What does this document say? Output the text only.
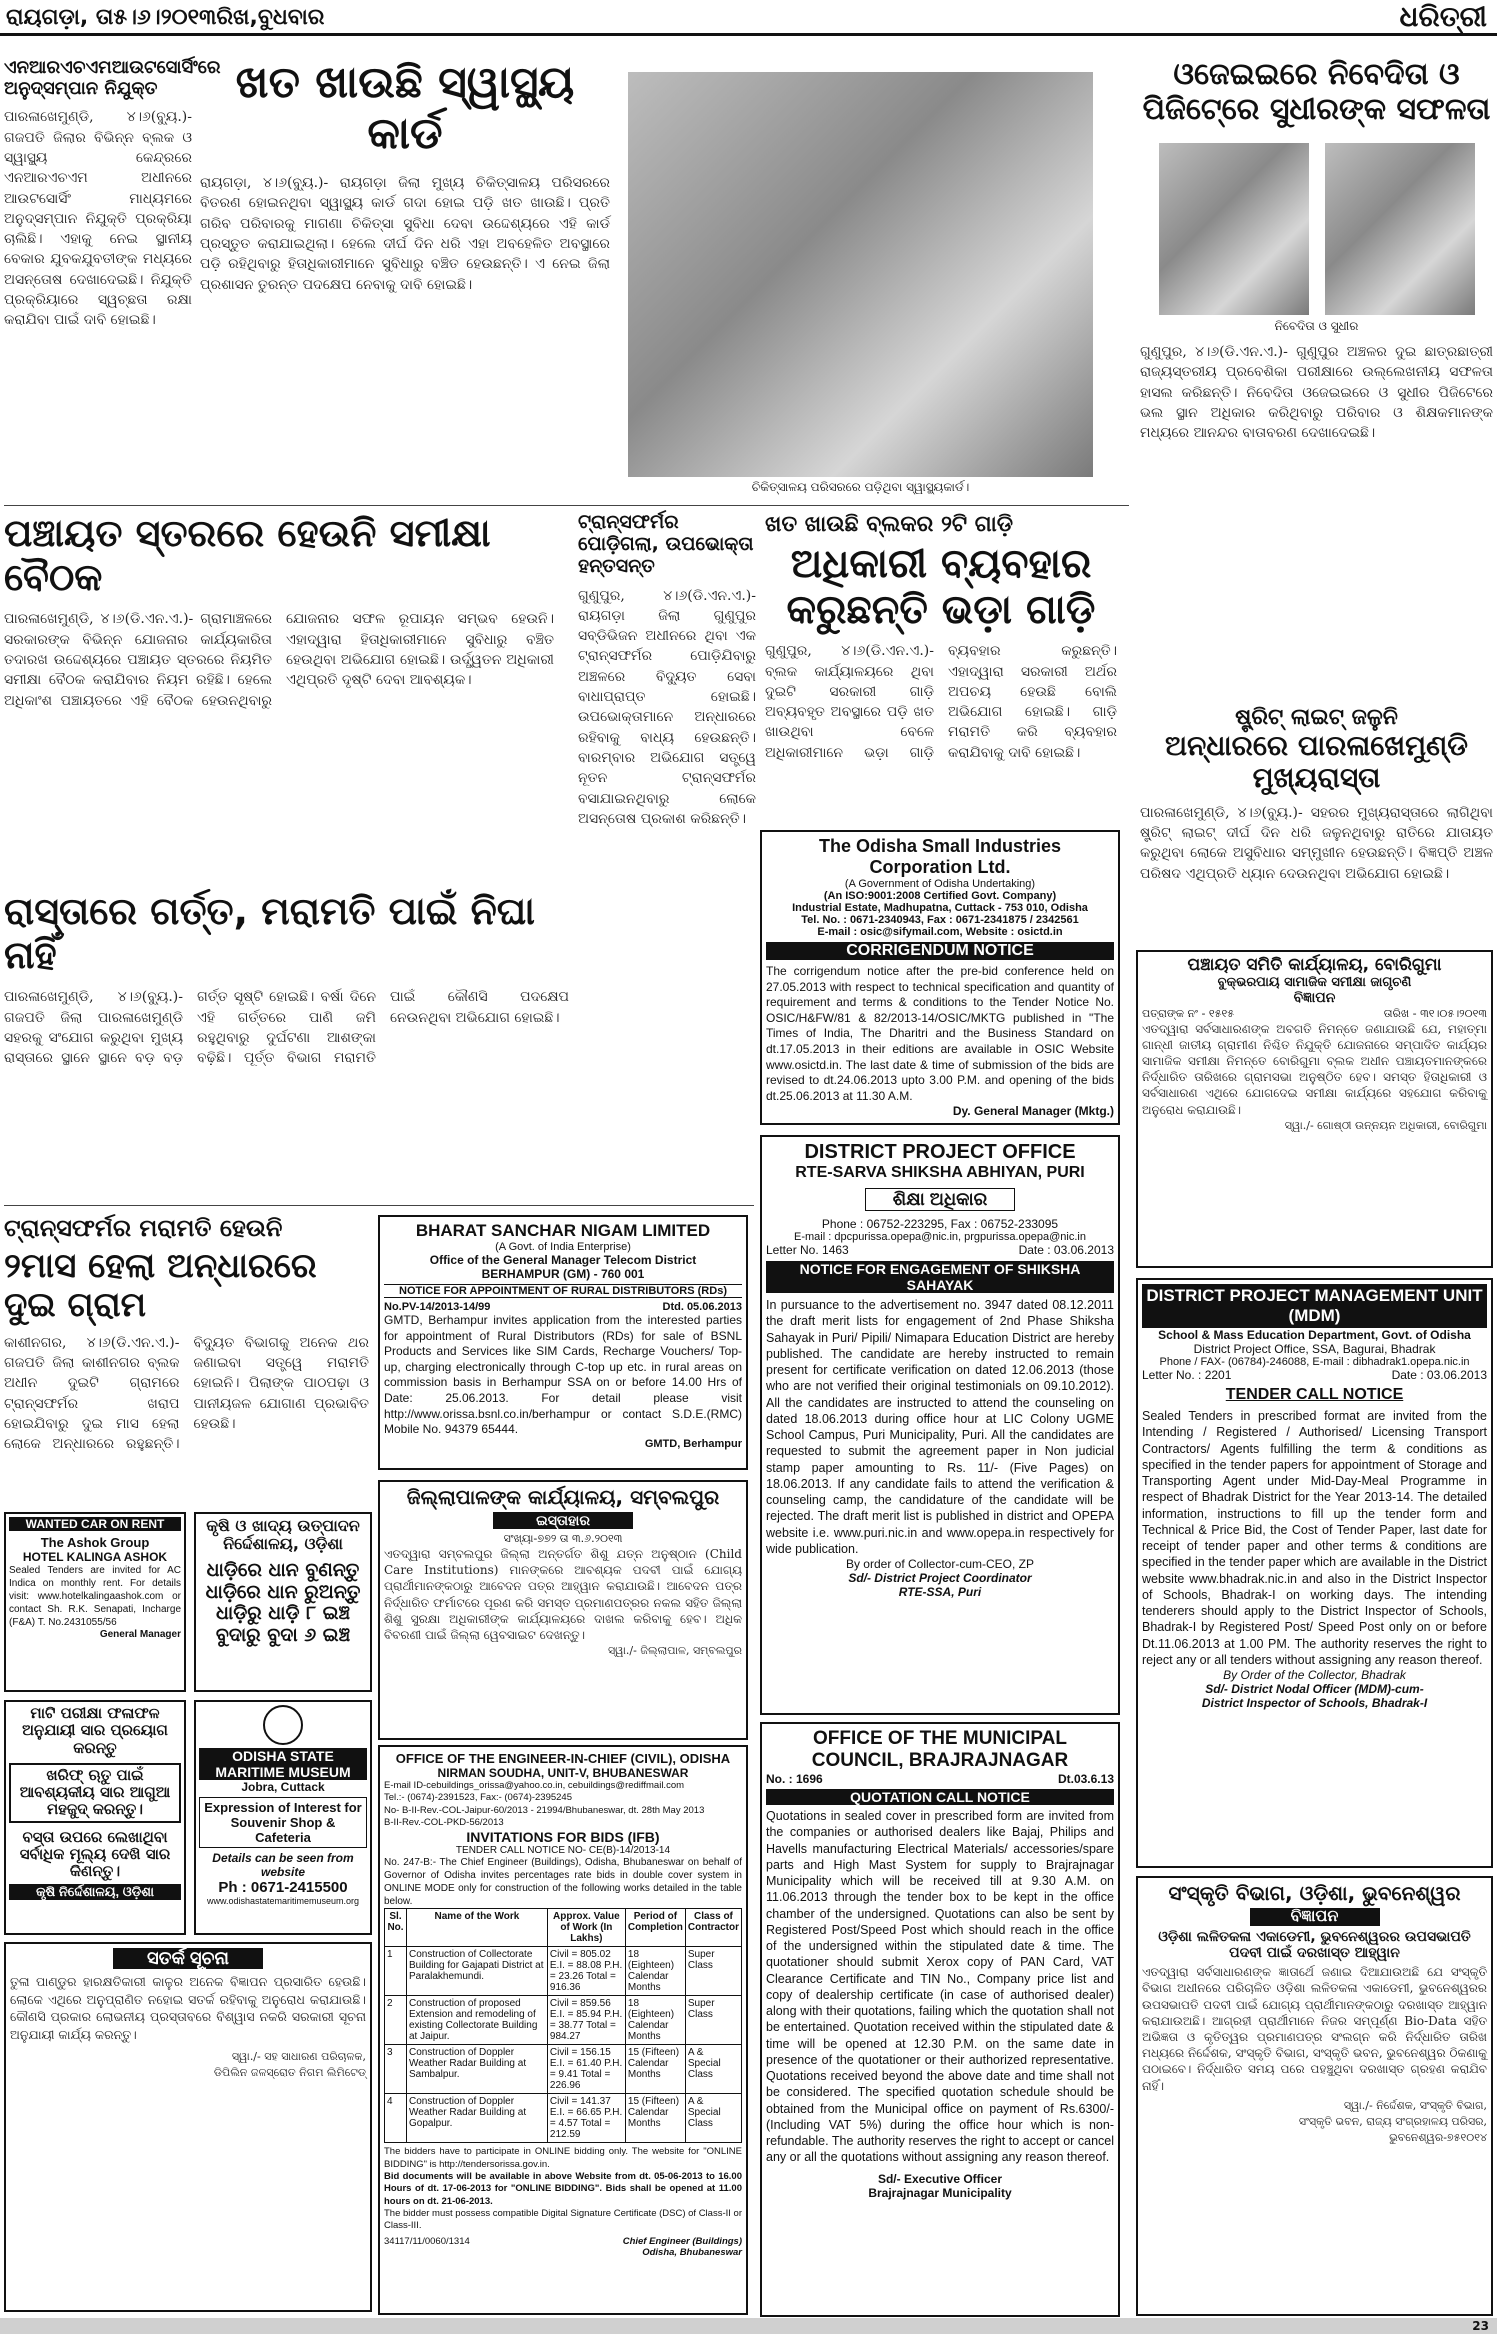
ରାୟଗଡ଼ା, ତା୫।୬।୨୦୧୩ରିଖ,ବୁଧବାର	ଧରିତ୍ରୀ
ଏନଆରଏଚଏମଆଉଟସୋର୍ସିଂରେ ଅନୁଦ୍‌ସମ୍ପାନ ନିଯୁକ୍ତ
ପାରଳାଖେମୁଣ୍ଡି, ୪।୬(ବ୍ୟୁ.)- ଗଜପତି ଜିଲାର ବିଭିନ୍ନ ବ୍ଲକ ଓ ସ୍ୱାସ୍ଥ୍ୟ କେନ୍ଦ୍ରରେ ଏନଆରଏଚଏମ ଅଧୀନରେ ଆଉଟସୋର୍ସିଂ ମାଧ୍ୟମରେ ଅନୁଦ୍‌ସମ୍ପାନ ନିଯୁକ୍ତି ପ୍ରକ୍ରିୟା ଚାଲିଛି। ଏହାକୁ ନେଇ ସ୍ଥାନୀୟ ବେକାର ଯୁବକଯୁବତୀଙ୍କ ମଧ୍ୟରେ ଅସନ୍ତୋଷ ଦେଖାଦେଇଛି। ନିଯୁକ୍ତି ପ୍ରକ୍ରିୟାରେ ସ୍ୱଚ୍ଛତା ରକ୍ଷା କରାଯିବା ପାଇଁ ଦାବି ହୋଇଛି।
ଖତ ଖାଉଛି ସ୍ୱାସ୍ଥ୍ୟ କାର୍ଡ
ରାୟଗଡ଼ା, ୪।୬(ବ୍ୟୁ.)- ରାୟଗଡ଼ା ଜିଲା ମୁଖ୍ୟ ଚିକିତ୍ସାଳୟ ପରିସରରେ ବିତରଣ ହୋଇନଥିବା ସ୍ୱାସ୍ଥ୍ୟ କାର୍ଡ ଗଦା ହୋଇ ପଡ଼ି ଖତ ଖାଉଛି। ପ୍ରତି ଗରିବ ପରିବାରକୁ ମାଗଣା ଚିକିତ୍ସା ସୁବିଧା ଦେବା ଉଦ୍ଦେଶ୍ୟରେ ଏହି କାର୍ଡ ପ୍ରସ୍ତୁତ କରାଯାଇଥିଲା। ହେଲେ ଦୀର୍ଘ ଦିନ ଧରି ଏହା ଅବହେଳିତ ଅବସ୍ଥାରେ ପଡ଼ି ରହିଥିବାରୁ ହିତାଧିକାରୀମାନେ ସୁବିଧାରୁ ବଞ୍ଚିତ ହେଉଛନ୍ତି। ଏ ନେଇ ଜିଲା ପ୍ରଶାସନ ତୁରନ୍ତ ପଦକ୍ଷେପ ନେବାକୁ ଦାବି ହୋଇଛି।
ଚିକିତ୍ସାଳୟ ପରିସରରେ ପଡ଼ିଥିବା ସ୍ୱାସ୍ଥ୍ୟକାର୍ଡ।
ଓଜେଇଇରେ ନିବେଦିତା ଓ ପିଜିଟେ୍‌ରେ ସୁଧୀରଙ୍କ ସଫଳତା
ନିବେଦିତା ଓ ସୁଧୀର
ଗୁଣୁପୁର, ୪।୬(ଡି.ଏନ.ଏ.)- ଗୁଣୁପୁର ଅଞ୍ଚଳର ଦୁଇ ଛାତ୍ରଛାତ୍ରୀ ରାଜ୍ୟସ୍ତରୀୟ ପ୍ରବେଶିକା ପରୀକ୍ଷାରେ ଉଲ୍ଲେଖନୀୟ ସଫଳତା ହାସଲ କରିଛନ୍ତି। ନିବେଦିତା ଓଜେଇଇରେ ଓ ସୁଧୀର ପିଜିଟେରେ ଭଲ ସ୍ଥାନ ଅଧିକାର କରିଥିବାରୁ ପରିବାର ଓ ଶିକ୍ଷକମାନଙ୍କ ମଧ୍ୟରେ ଆନନ୍ଦର ବାତାବରଣ ଦେଖାଦେଇଛି।
ପଞ୍ଚାୟତ ସ୍ତରରେ ହେଉନି ସମୀକ୍ଷା ବୈଠକ
ପାରଳାଖେମୁଣ୍ଡି, ୪।୬(ଡି.ଏନ.ଏ.)- ଗ୍ରାମାଞ୍ଚଳରେ ସରକାରଙ୍କ ବିଭିନ୍ନ ଯୋଜନାର କାର୍ଯ୍ୟକାରିତା ତଦାରଖ ଉଦ୍ଦେଶ୍ୟରେ ପଞ୍ଚାୟତ ସ୍ତରରେ ନିୟମିତ ସମୀକ୍ଷା ବୈଠକ କରାଯିବାର ନିୟମ ରହିଛି। ହେଲେ ଅଧିକାଂଶ ପଞ୍ଚାୟତରେ ଏହି ବୈଠକ ହେଉନଥିବାରୁ ଯୋଜନାର ସଫଳ ରୂପାୟନ ସମ୍ଭବ ହେଉନି। ଏହାଦ୍ୱାରା ହିତାଧିକାରୀମାନେ ସୁବିଧାରୁ ବଞ୍ଚିତ ହେଉଥିବା ଅଭିଯୋଗ ହୋଇଛି। ଉର୍ଦ୍ଧ୍ୱତନ ଅଧିକାରୀ ଏଥିପ୍ରତି ଦୃଷ୍ଟି ଦେବା ଆବଶ୍ୟକ।
ଟ୍ରାନ୍ସଫର୍ମର ପୋଡ଼ିଗଲା, ଉପଭୋକ୍ତା ହନ୍ତସନ୍ତ
ଗୁଣୁପୁର, ୪।୬(ଡି.ଏନ.ଏ.)- ରାୟଗଡ଼ା ଜିଲା ଗୁଣୁପୁର ସବ୍‌ଡିଭିଜନ ଅଧୀନରେ ଥିବା ଏକ ଟ୍ରାନ୍ସଫର୍ମର ପୋଡ଼ିଯିବାରୁ ଅଞ୍ଚଳରେ ବିଦ୍ୟୁତ ସେବା ବାଧାପ୍ରାପ୍ତ ହୋଇଛି। ଉପଭୋକ୍ତାମାନେ ଅନ୍ଧାରରେ ରହିବାକୁ ବାଧ୍ୟ ହେଉଛନ୍ତି। ବାରମ୍ବାର ଅଭିଯୋଗ ସତ୍ତ୍ୱେ ନୂତନ ଟ୍ରାନ୍ସଫର୍ମର ବସାଯାଇନଥିବାରୁ ଲୋକେ ଅସନ୍ତୋଷ ପ୍ରକାଶ କରିଛନ୍ତି।
ଖତ ଖାଉଛି ବ୍ଲକର ୨ଟି ଗାଡ଼ି
ଅଧିକାରୀ ବ୍ୟବହାର କରୁଛନ୍ତି ଭଡ଼ା ଗାଡ଼ି
ଗୁଣୁପୁର, ୪।୬(ଡି.ଏନ.ଏ.)- ବ୍ଲକ କାର୍ଯ୍ୟାଳୟରେ ଥିବା ଦୁଇଟି ସରକାରୀ ଗାଡ଼ି ଅବ୍ୟବହୃତ ଅବସ୍ଥାରେ ପଡ଼ି ଖତ ଖାଉଥିବା ବେଳେ ଅଧିକାରୀମାନେ ଭଡ଼ା ଗାଡ଼ି ବ୍ୟବହାର କରୁଛନ୍ତି। ଏହାଦ୍ୱାରା ସରକାରୀ ଅର୍ଥର ଅପଚୟ ହେଉଛି ବୋଲି ଅଭିଯୋଗ ହୋଇଛି। ଗାଡ଼ି ମରାମତି କରି ବ୍ୟବହାର କରାଯିବାକୁ ଦାବି ହୋଇଛି।
ଷ୍ଟ୍ରିଟ୍ ଲାଇଟ୍ ଜଳୁନି
ଅନ୍ଧାରରେ ପାରଳାଖେମୁଣ୍ଡି ମୁଖ୍ୟରାସ୍ତା
ପାରଳାଖେମୁଣ୍ଡି, ୪।୬(ବ୍ୟୁ.)- ସହରର ମୁଖ୍ୟରାସ୍ତାରେ ଲାଗିଥିବା ଷ୍ଟ୍ରିଟ୍ ଲାଇଟ୍ ଦୀର୍ଘ ଦିନ ଧରି ଜଳୁନଥିବାରୁ ରାତିରେ ଯାତାୟତ କରୁଥିବା ଲୋକେ ଅସୁବିଧାର ସମ୍ମୁଖୀନ ହେଉଛନ୍ତି। ବିଜ୍ଞପ୍ତି ଅଞ୍ଚଳ ପରିଷଦ ଏଥିପ୍ରତି ଧ୍ୟାନ ଦେଉନଥିବା ଅଭିଯୋଗ ହୋଇଛି।
The Odisha Small Industries Corporation Ltd.
(A Government of Odisha Undertaking)
(An ISO:9001:2008 Certified Govt. Company)
Industrial Estate, Madhupatna, Cuttack - 753 010, Odisha
Tel. No. : 0671-2340943, Fax : 0671-2341875 / 2342561
E-mail : osic@sifymail.com, Website : osictd.in
CORRIGENDUM NOTICE
The corrigendum notice after the pre-bid conference held on 27.05.2013 with respect to technical specification and quantity of requirement and terms & conditions to the Tender Notice No. OSIC/H&FW/81 & 82/2013-14/OSIC/MKTG published in "The Times of India, The Dharitri and the Business Standard on dt.17.05.2013 in their editions are available in OSIC Website www.osictd.in. The last date & time of submission of the bids are revised to dt.24.06.2013 upto 3.00 P.M. and opening of the bids dt.25.06.2013 at 11.30 A.M.
Dy. General Manager (Mktg.)
ପଞ୍ଚାୟତ ସମିତି କାର୍ଯ୍ୟାଳୟ, ବୋରିଗୁମା
ବୁକ୍‌ଭରପାୟ ସାମାଜିକ ସମୀକ୍ଷା ଜାଗୃଚଣି
ବିଜ୍ଞାପନ
ପତ୍ରାଙ୍କ ନଂ - ୧୫୧୫	ତାରିଖ - ୩୧।୦୫।୨୦୧୩
ଏତଦ୍ୱାରା ସର୍ବସାଧାରଣଙ୍କ ଅବଗତି ନିମନ୍ତେ ଜଣାଯାଉଛି ଯେ, ମହାତ୍ମା ଗାନ୍ଧୀ ଜାତୀୟ ଗ୍ରାମୀଣ ନିଶ୍ଚିତ ନିଯୁକ୍ତି ଯୋଜନାରେ ସମ୍ପାଦିତ କାର୍ଯ୍ୟର ସାମାଜିକ ସମୀକ୍ଷା ନିମନ୍ତେ ବୋରିଗୁମା ବ୍ଲକ ଅଧୀନ ପଞ୍ଚାୟତମାନଙ୍କରେ ନିର୍ଦ୍ଧାରିତ ତାରିଖରେ ଗ୍ରାମସଭା ଅନୁଷ୍ଠିତ ହେବ। ସମସ୍ତ ହିତାଧିକାରୀ ଓ ସର୍ବସାଧାରଣ ଏଥିରେ ଯୋଗଦେଇ ସମୀକ୍ଷା କାର୍ଯ୍ୟରେ ସହଯୋଗ କରିବାକୁ ଅନୁରୋଧ କରାଯାଉଛି।
ସ୍ୱା./- ଗୋଷ୍ଠୀ ଉନ୍ନୟନ ଅଧିକାରୀ, ବୋରିଗୁମା
ରାସ୍ତାରେ ଗର୍ତ୍ତ, ମରାମତି ପାଇଁ ନିଘା ନାହିଁ
ପାରଳାଖେମୁଣ୍ଡି, ୪।୬(ବ୍ୟୁ.)- ଗଜପତି ଜିଲା ପାରଳାଖେମୁଣ୍ଡି ସହରକୁ ସଂଯୋଗ କରୁଥିବା ମୁଖ୍ୟ ରାସ୍ତାରେ ସ୍ଥାନେ ସ୍ଥାନେ ବଡ଼ ବଡ଼ ଗର୍ତ୍ତ ସୃଷ୍ଟି ହୋଇଛି। ବର୍ଷା ଦିନେ ଏହି ଗର୍ତ୍ତରେ ପାଣି ଜମି ରହୁଥିବାରୁ ଦୁର୍ଘଟଣା ଆଶଙ୍କା ବଢ଼ିଛି। ପୂର୍ତ୍ତ ବିଭାଗ ମରାମତି ପାଇଁ କୌଣସି ପଦକ୍ଷେପ ନେଉନଥିବା ଅଭିଯୋଗ ହୋଇଛି।
ଟ୍ରାନ୍ସଫର୍ମର ମରାମତି ହେଉନି
୨ମାସ ହେଲା ଅନ୍ଧାରରେ ଦୁଇ ଗ୍ରାମ
କାଶୀନଗର, ୪।୬(ଡି.ଏନ.ଏ.)- ଗଜପତି ଜିଲା କାଶୀନଗର ବ୍ଲକ ଅଧୀନ ଦୁଇଟି ଗ୍ରାମରେ ଟ୍ରାନ୍ସଫର୍ମର ଖରାପ ହୋଇଯିବାରୁ ଦୁଇ ମାସ ହେଲା ଲୋକେ ଅନ୍ଧାରରେ ରହୁଛନ୍ତି। ବିଦ୍ୟୁତ ବିଭାଗକୁ ଅନେକ ଥର ଜଣାଇବା ସତ୍ତ୍ୱେ ମରାମତି ହୋଇନି। ପିଲାଙ୍କ ପାଠପଢ଼ା ଓ ପାନୀୟଜଳ ଯୋଗାଣ ପ୍ରଭାବିତ ହେଉଛି।
BHARAT SANCHAR NIGAM LIMITED
(A Govt. of India Enterprise)
Office of the General Manager Telecom District
BERHAMPUR (GM) - 760 001
NOTICE FOR APPOINTMENT OF RURAL DISTRIBUTORS (RDs)
No.PV-14/2013-14/99	Dtd. 05.06.2013
GMTD, Berhampur invites application from the interested parties for appointment of Rural Distributors (RDs) for sale of BSNL Products and Services like SIM Cards, Recharge Vouchers/ Top-up, charging electronically through C-top up etc. in rural areas on commission basis in Berhampur SSA on or before 14.00 Hrs of Date: 25.06.2013. For detail please visit http://www.orissa.bsnl.co.in/berhampur or contact S.D.E.(RMC) Mobile No. 94379 65444.
GMTD, Berhampur
DISTRICT PROJECT OFFICE
RTE-SARVA SHIKSHA ABHIYAN, PURI
ଶିକ୍ଷା ଅଧିକାର
Phone : 06752-223295, Fax : 06752-233095
E-mail : dpcpurissa.opepa@nic.in, prgpurissa.opepa@nic.in
Letter No. 1463	Date : 03.06.2013
NOTICE FOR ENGAGEMENT OF SHIKSHA SAHAYAK
In pursuance to the advertisement no. 3947 dated 08.12.2011 the draft merit lists for engagement of 2nd Phase Shiksha Sahayak in Puri/ Pipili/ Nimapara Education District are hereby published. The candidate are hereby instructed to remain present for certificate verification on dated 12.06.2013 (those who are not verified their original testimonials on 09.10.2012). All the candidates are instructed to attend the counseling on dated 18.06.2013 during office hour at LIC Colony UGME School Campus, Puri Municipality, Puri. All the candidates are requested to submit the agreement paper in Non judicial stamp paper amounting to Rs. 11/- (Five Pages) on 18.06.2013. If any candidate fails to attend the verification & counseling camp, the candidature of the candidate will be rejected. The draft merit list is published in district and OPEPA website i.e. www.puri.nic.in and www.opepa.in respectively for wide publication.
By order of Collector-cum-CEO, ZP
Sd/- District Project Coordinator
RTE-SSA, Puri
DISTRICT PROJECT MANAGEMENT UNIT (MDM)
School & Mass Education Department, Govt. of Odisha
District Project Office, SSA, Bagurai, Bhadrak
Phone / FAX- (06784)-246088, E-mail : dibhadrak1.opepa.nic.in
Letter No. : 2201	Date : 03.06.2013
TENDER CALL NOTICE
Sealed Tenders in prescribed format are invited from the Intending / Registered / Authorised/ Licensing Transport Contractors/ Agents fulfilling the term & conditions as specified in the tender papers for appointment of Storage and Transporting Agent under Mid-Day-Meal Programme in respect of Bhadrak District for the Year 2013-14. The detailed information, instructions to fill up the tender form and Technical & Price Bid, the Cost of Tender Paper, last date for receipt of tender paper and other terms & conditions are specified in the tender paper which are available in the District website www.bhadrak.nic.in and also in the District Inspector of Schools, Bhadrak-I on working days. The intending tenderers should apply to the District Inspector of Schools, Bhadrak-I by Registered Post/ Speed Post only on or before Dt.11.06.2013 at 1.00 PM. The authority reserves the right to reject any or all tenders without assigning any reason thereof.
By Order of the Collector, Bhadrak
Sd/- District Nodal Officer (MDM)-cum-
District Inspector of Schools, Bhadrak-I
ଜିଲ୍ଲାପାଳଙ୍କ କାର୍ଯ୍ୟାଳୟ, ସମ୍ବଲପୁର
ଇସ୍ତାହାର
ସଂଖ୍ୟା-୭୭୨ ତା ୩.୬.୨୦୧୩
ଏତଦ୍ୱାରା ସମ୍ବଲପୁର ଜିଲ୍ଲା ଅନ୍ତର୍ଗତ ଶିଶୁ ଯତ୍ନ ଅନୁଷ୍ଠାନ (Child Care Institutions) ମାନଙ୍କରେ ଆବଶ୍ୟକ ପଦବୀ ପାଇଁ ଯୋଗ୍ୟ ପ୍ରାର୍ଥୀମାନଙ୍କଠାରୁ ଆବେଦନ ପତ୍ର ଆହ୍ୱାନ କରାଯାଉଛି। ଆବେଦନ ପତ୍ର ନିର୍ଦ୍ଧାରିତ ଫର୍ମାଟରେ ପୂରଣ କରି ସମସ୍ତ ପ୍ରମାଣପତ୍ରର ନକଲ ସହିତ ଜିଲ୍ଲା ଶିଶୁ ସୁରକ୍ଷା ଅଧିକାରୀଙ୍କ କାର୍ଯ୍ୟାଳୟରେ ଦାଖଲ କରିବାକୁ ହେବ। ଅଧିକ ବିବରଣୀ ପାଇଁ ଜିଲ୍ଲା ୱେବସାଇଟ ଦେଖନ୍ତୁ।
ସ୍ୱା./- ଜିଲ୍ଲାପାଳ, ସମ୍ବଲପୁର
WANTED CAR ON RENT
The Ashok Group
HOTEL KALINGA ASHOK
Sealed Tenders are invited for AC Indica on monthly rent. For details visit: www.hotelkalingaashok.com or contact Sh. R.K. Senapati, Incharge (F&A) T. No.2431055/56
General Manager
କୃଷି ଓ ଖାଦ୍ୟ ଉତ୍ପାଦନ ନିର୍ଦ୍ଦେଶାଳୟ, ଓଡ଼ିଶା
ଧାଡ଼ିରେ ଧାନ ବୁଣନ୍ତୁ ଧାଡ଼ିରେ ଧାନ ରୁଅନ୍ତୁ ଧାଡ଼ିରୁ ଧାଡ଼ି ୮ ଇଞ୍ଚ ବୁଦାରୁ ବୁଦା ୬ ଇଞ୍ଚ
ମାଟି ପରୀକ୍ଷା ଫଳାଫଳ ଅନୁଯାୟୀ ସାର ପ୍ରୟୋଗ କରନ୍ତୁ
ଖରିଫ୍ ଋତୁ ପାଇଁ ଆବଶ୍ୟକୀୟ ସାର ଆଗୁଆ ମହଜୁଦ୍ କରନ୍ତୁ।
ବସ୍ତା ଉପରେ ଲେଖାଥିବା ସର୍ବାଧିକ ମୂଲ୍ୟ ଦେଖି ସାର କିଣନ୍ତୁ।
କୃଷି ନିର୍ଦ୍ଦେଶାଳୟ, ଓଡ଼ିଶା
ODISHA STATE MARITIME MUSEUM
Jobra, Cuttack
Expression of Interest for Souvenir Shop & Cafeteria
Details can be seen from website
Ph : 0671-2415500
www.odishastatemaritimemuseum.org
OFFICE OF THE ENGINEER-IN-CHIEF (CIVIL), ODISHA
NIRMAN SOUDHA, UNIT-V, BHUBANESWAR
E-mail ID-cebuildings_orissa@yahoo.co.in, cebuildings@rediffmail.com
Tel.:- (0674)-2391523, Fax:- (0674)-2395245
No- B-II-Rev.-COL-Jaipur-60/2013 - 21994/Bhubaneswar, dt. 28th May 2013
B-II-Rev.-COL-PKD-56/2013
INVITATIONS FOR BIDS (IFB)
TENDER CALL NOTICE NO- CE(B)-14/2013-14
No. 247-B:- The Chief Engineer (Buildings), Odisha, Bhubaneswar on behalf of Governor of Odisha invites percentages rate bids in double cover system in ONLINE MODE only for construction of the following works detailed in the table below.
Sl. No.	Name of the Work	Approx. Value of Work (In Lakhs)	Period of Completion	Class of Contractor
1	Construction of Collectorate Building for Gajapati District at Paralakhemundi.	Civil = 805.02 E.I. = 88.08 P.H. = 23.26 Total = 916.36	18 (Eighteen) Calendar Months	Super Class
2	Construction of proposed Extension and remodeling of existing Collectorate Building at Jaipur.	Civil = 859.56 E.I. = 85.94 P.H. = 38.77 Total = 984.27	18 (Eighteen) Calendar Months	Super Class
3	Construction of Doppler Weather Radar Building at Sambalpur.	Civil = 156.15 E.I. = 61.40 P.H. = 9.41 Total = 226.96	15 (Fifteen) Calendar Months	A & Special Class
4	Construction of Doppler Weather Radar Building at Gopalpur.	Civil = 141.37 E.I. = 66.65 P.H. = 4.57 Total = 212.59	15 (Fifteen) Calendar Months	A & Special Class
The bidders have to participate in ONLINE bidding only. The website for "ONLINE BIDDING" is http://tendersorissa.gov.in.
Bid documents will be available in above Website from dt. 05-06-2013 to 16.00 Hours of dt. 17-06-2013 for "ONLINE BIDDING". Bids shall be opened at 11.00 hours on dt. 21-06-2013.
The bidder must possess compatible Digital Signature Certificate (DSC) of Class-II or Class-III.
34117/11/0060/1314	Chief Engineer (Buildings)
Odisha, Bhubaneswar
OFFICE OF THE MUNICIPAL COUNCIL, BRAJRAJNAGAR
No. : 1696	Dt.03.6.13
QUOTATION CALL NOTICE
Quotations in sealed cover in prescribed form are invited from the companies or authorised dealers like Bajaj, Philips and Havells manufacturing Electrical Materials/ accessories/spare parts and High Mast System for supply to Brajrajnagar Municipality which will be received till at 9.30 A.M. on 11.06.2013 through the tender box to be kept in the office chamber of the undersigned. Quotations can also be sent by Registered Post/Speed Post which should reach in the office of the undersigned within the stipulated date & time. The quotationer should submit Xerox copy of PAN Card, VAT Clearance Certificate and TIN No., Company price list and copy of dealership certificate (in case of authorised dealer) along with their quotations, failing which the quotation shall not be entertained. Quotation received within the stipulated date & time will be opened at 12.30 P.M. on the same date in presence of the quotationer or their authorized representative. Quotations received beyond the above date and time shall not be considered. The specified quotation schedule should be obtained from the Municipal office on payment of Rs.6300/- (Including VAT 5%) during the office hour which is non-refundable. The authority reserves the right to accept or cancel any or all the quotations without assigning any reason thereof.
Sd/- Executive Officer
Brajrajnagar Municipality
ସଂସ୍କୃତି ବିଭାଗ, ଓଡ଼ିଶା, ଭୁବନେଶ୍ୱର
ବିଜ୍ଞାପନ
ଓଡ଼ିଶା ଲଳିତକଳା ଏକାଡେମୀ, ଭୁବନେଶ୍ୱରର ଉପସଭାପତି ପଦବୀ ପାଇଁ ଦରଖାସ୍ତ ଆହ୍ୱାନ
ଏତଦ୍ୱାରା ସର୍ବସାଧାରଣଙ୍କ ଜ୍ଞାତାର୍ଥେ ଜଣାଇ ଦିଆଯାଉଅଛି ଯେ ସଂସ୍କୃତି ବିଭାଗ ଅଧୀନରେ ପରିଚାଳିତ ଓଡ଼ିଶା ଲଳିତକଳା ଏକାଡେମୀ, ଭୁବନେଶ୍ୱରର ଉପସଭାପତି ପଦବୀ ପାଇଁ ଯୋଗ୍ୟ ପ୍ରାର୍ଥୀମାନଙ୍କଠାରୁ ଦରଖାସ୍ତ ଆହ୍ୱାନ କରାଯାଉଅଛି। ଆଗ୍ରହୀ ପ୍ରାର୍ଥୀମାନେ ନିଜର ସମ୍ପୂର୍ଣ୍ଣ Bio-Data ସହିତ ଅଭିଜ୍ଞତା ଓ କୃତିତ୍ୱର ପ୍ରମାଣପତ୍ର ସଂଲଗ୍ନ କରି ନିର୍ଦ୍ଧାରିତ ତାରିଖ ମଧ୍ୟରେ ନିର୍ଦ୍ଦେଶକ, ସଂସ୍କୃତି ବିଭାଗ, ସଂସ୍କୃତି ଭବନ, ଭୁବନେଶ୍ୱର ଠିକଣାକୁ ପଠାଇବେ। ନିର୍ଦ୍ଧାରିତ ସମୟ ପରେ ପହଞ୍ଚୁଥିବା ଦରଖାସ୍ତ ଗ୍ରହଣ କରାଯିବ ନାହିଁ।
ସ୍ୱା./- ନିର୍ଦ୍ଦେଶକ, ସଂସ୍କୃତି ବିଭାଗ,
ସଂସ୍କୃତି ଭବନ, ରାଜ୍ୟ ସଂଗ୍ରହାଳୟ ପରିସର,
ଭୁବନେଶ୍ୱର-୭୫୧୦୧୪
ସତର୍କ ସୂଚନା
ତୁଳା ପାଣ୍ଡୁର ହାରକ୍ଷତିକାରୀ କାଳୁର ଅନେକ ବିଜ୍ଞାପନ ପ୍ରସାରିତ ହେଉଛି। ଲୋକେ ଏଥିରେ ଅନୁପ୍ରାଣିତ ନହୋଇ ସତର୍କ ରହିବାକୁ ଅନୁରୋଧ କରାଯାଉଛି। କୌଣସି ପ୍ରକାର ଲୋଭନୀୟ ପ୍ରସ୍ତାବରେ ବିଶ୍ୱାସ ନକରି ସରକାରୀ ସୂଚନା ଅନୁଯାୟୀ କାର୍ଯ୍ୟ କରନ୍ତୁ।
ସ୍ୱା./- ସହ ସାଧାରଣ ପରିଚାଳକ,
ଡିପିଲିନ ଜଳସ୍ରୋତ ନିଗମ ଲିମିଟେଡ୍
23
